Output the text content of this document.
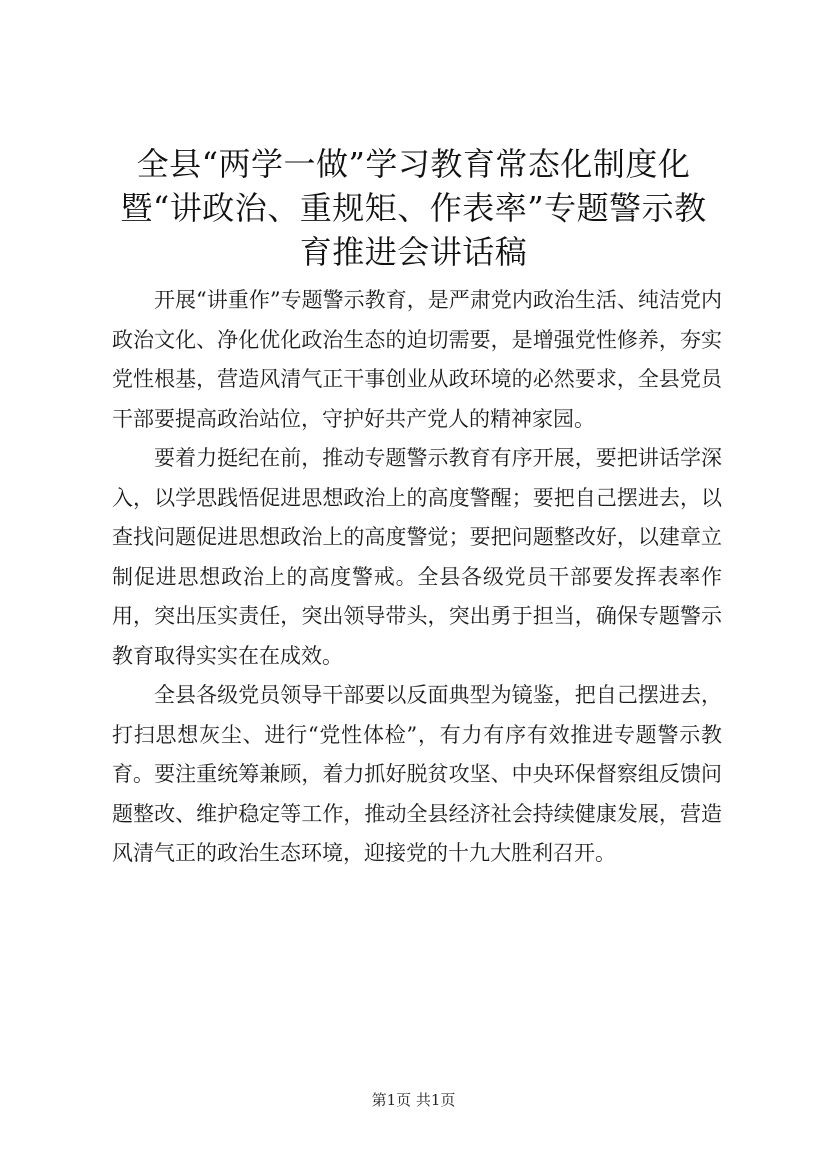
全县“两学一做”学习教育常态化制度化暨“讲政治、重规矩、作表率”专题警示教育推进会讲话稿

开展“讲重作”专题警示教育，是严肃党内政治生活、纯洁党内政治文化、净化优化政治生态的迫切需要，是增强党性修养，夯实党性根基，营造风清气正干事创业从政环境的必然要求，全县党员干部要提高政治站位，守护好共产党人的精神家园。

要着力挺纪在前，推动专题警示教育有序开展，要把讲话学深入，以学思践悟促进思想政治上的高度警醒；要把自己摆进去，以查找问题促进思想政治上的高度警觉；要把问题整改好，以建章立制促进思想政治上的高度警戒。全县各级党员干部要发挥表率作用，突出压实责任，突出领导带头，突出勇于担当，确保专题警示教育取得实实在在成效。

全县各级党员领导干部要以反面典型为镜鉴，把自己摆进去，打扫思想灰尘、进行“党性体检”，有力有序有效推进专题警示教育。要注重统筹兼顾，着力抓好脱贫攻坚、中央环保督察组反馈问题整改、维护稳定等工作，推动全县经济社会持续健康发展，营造风清气正的政治生态环境，迎接党的十九大胜利召开。

第1页 共1页
